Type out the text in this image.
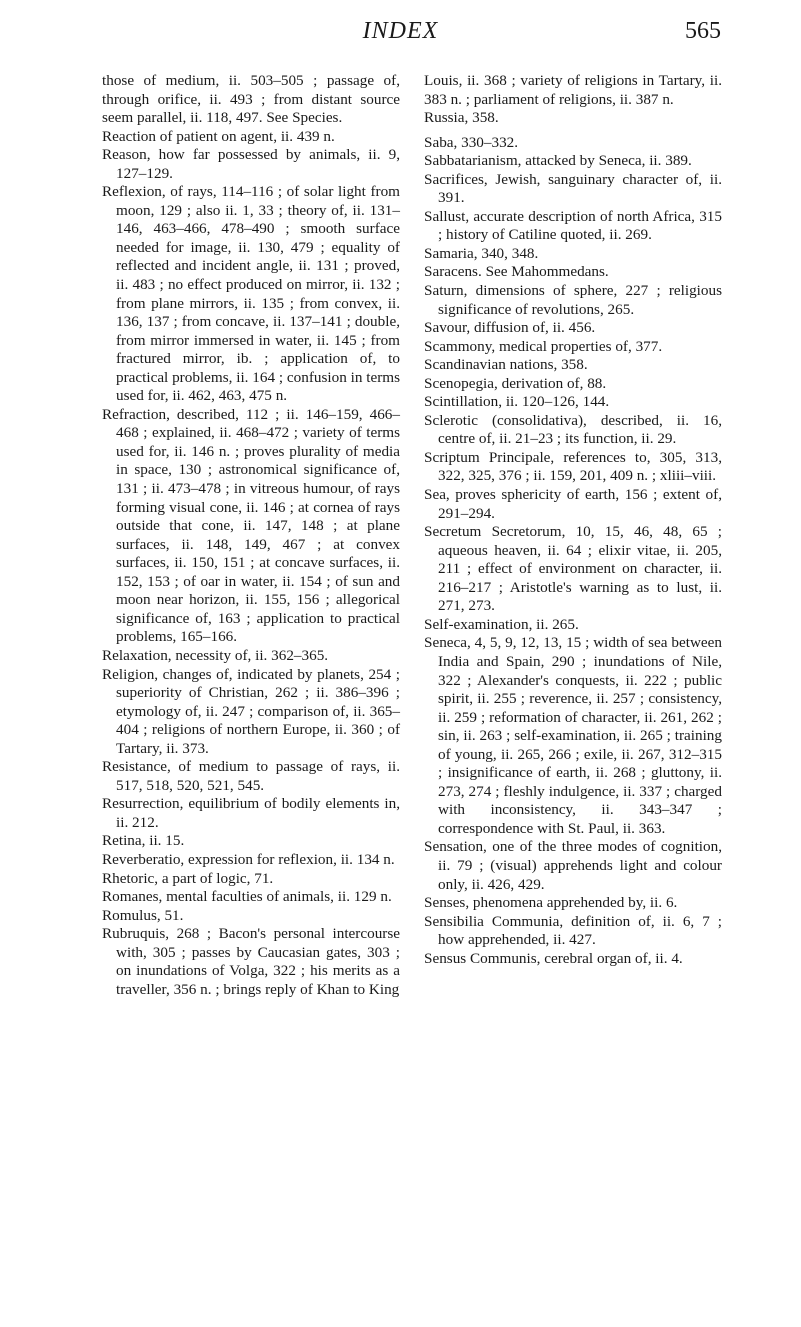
INDEX	565

those of medium, ii. 503–505 ; passage of, through orifice, ii. 493 ; from distant source seem parallel, ii. 118, 497. See Species.

Reaction of patient on agent, ii. 439 n.

Reason, how far possessed by animals, ii. 9, 127–129.

Reflexion, of rays, 114–116 ; of solar light from moon, 129 ; also ii. 1, 33 ; theory of, ii. 131–146, 463–466, 478–490 ; smooth surface needed for image, ii. 130, 479 ; equality of reflected and incident angle, ii. 131 ; proved, ii. 483 ; no effect produced on mirror, ii. 132 ; from plane mirrors, ii. 135 ; from convex, ii. 136, 137 ; from concave, ii. 137–141 ; double, from mirror immersed in water, ii. 145 ; from fractured mirror, ib. ; application of, to practical problems, ii. 164 ; confusion in terms used for, ii. 462, 463, 475 n.

Refraction, described, 112 ; ii. 146–159, 466–468 ; explained, ii. 468–472 ; variety of terms used for, ii. 146 n. ; proves plurality of media in space, 130 ; astronomical significance of, 131 ; ii. 473–478 ; in vitreous humour, of rays forming visual cone, ii. 146 ; at cornea of rays outside that cone, ii. 147, 148 ; at plane surfaces, ii. 148, 149, 467 ; at convex surfaces, ii. 150, 151 ; at concave surfaces, ii. 152, 153 ; of oar in water, ii. 154 ; of sun and moon near horizon, ii. 155, 156 ; allegorical significance of, 163 ; application to practical problems, 165–166.

Relaxation, necessity of, ii. 362–365.

Religion, changes of, indicated by planets, 254 ; superiority of Christian, 262 ; ii. 386–396 ; etymology of, ii. 247 ; comparison of, ii. 365–404 ; religions of northern Europe, ii. 360 ; of Tartary, ii. 373.

Resistance, of medium to passage of rays, ii. 517, 518, 520, 521, 545.

Resurrection, equilibrium of bodily elements in, ii. 212.

Retina, ii. 15.

Reverberatio, expression for reflexion, ii. 134 n.

Rhetoric, a part of logic, 71.

Romanes, mental faculties of animals, ii. 129 n.

Romulus, 51.

Rubruquis, 268 ; Bacon's personal intercourse with, 305 ; passes by Caucasian gates, 303 ; on inundations of Volga, 322 ; his merits as a traveller, 356 n. ; brings reply of Khan to King

Louis, ii. 368 ; variety of religions in Tartary, ii. 383 n. ; parliament of religions, ii. 387 n.

Russia, 358.

Saba, 330–332.

Sabbatarianism, attacked by Seneca, ii. 389.

Sacrifices, Jewish, sanguinary character of, ii. 391.

Sallust, accurate description of north Africa, 315 ; history of Catiline quoted, ii. 269.

Samaria, 340, 348.

Saracens. See Mahommedans.

Saturn, dimensions of sphere, 227 ; religious significance of revolutions, 265.

Savour, diffusion of, ii. 456.

Scammony, medical properties of, 377.

Scandinavian nations, 358.

Scenopegia, derivation of, 88.

Scintillation, ii. 120–126, 144.

Sclerotic (consolidativa), described, ii. 16, centre of, ii. 21–23 ; its function, ii. 29.

Scriptum Principale, references to, 305, 313, 322, 325, 376 ; ii. 159, 201, 409 n. ; xliii–viii.

Sea, proves sphericity of earth, 156 ; extent of, 291–294.

Secretum Secretorum, 10, 15, 46, 48, 65 ; aqueous heaven, ii. 64 ; elixir vitae, ii. 205, 211 ; effect of environment on character, ii. 216–217 ; Aristotle's warning as to lust, ii. 271, 273.

Self-examination, ii. 265.

Seneca, 4, 5, 9, 12, 13, 15 ; width of sea between India and Spain, 290 ; inundations of Nile, 322 ; Alexander's conquests, ii. 222 ; public spirit, ii. 255 ; reverence, ii. 257 ; consistency, ii. 259 ; reformation of character, ii. 261, 262 ; sin, ii. 263 ; self-examination, ii. 265 ; training of young, ii. 265, 266 ; exile, ii. 267, 312–315 ; insignificance of earth, ii. 268 ; gluttony, ii. 273, 274 ; fleshly indulgence, ii. 337 ; charged with inconsistency, ii. 343–347 ; correspondence with St. Paul, ii. 363.

Sensation, one of the three modes of cognition, ii. 79 ; (visual) apprehends light and colour only, ii. 426, 429.

Senses, phenomena apprehended by, ii. 6.

Sensibilia Communia, definition of, ii. 6, 7 ; how apprehended, ii. 427.

Sensus Communis, cerebral organ of, ii. 4.
